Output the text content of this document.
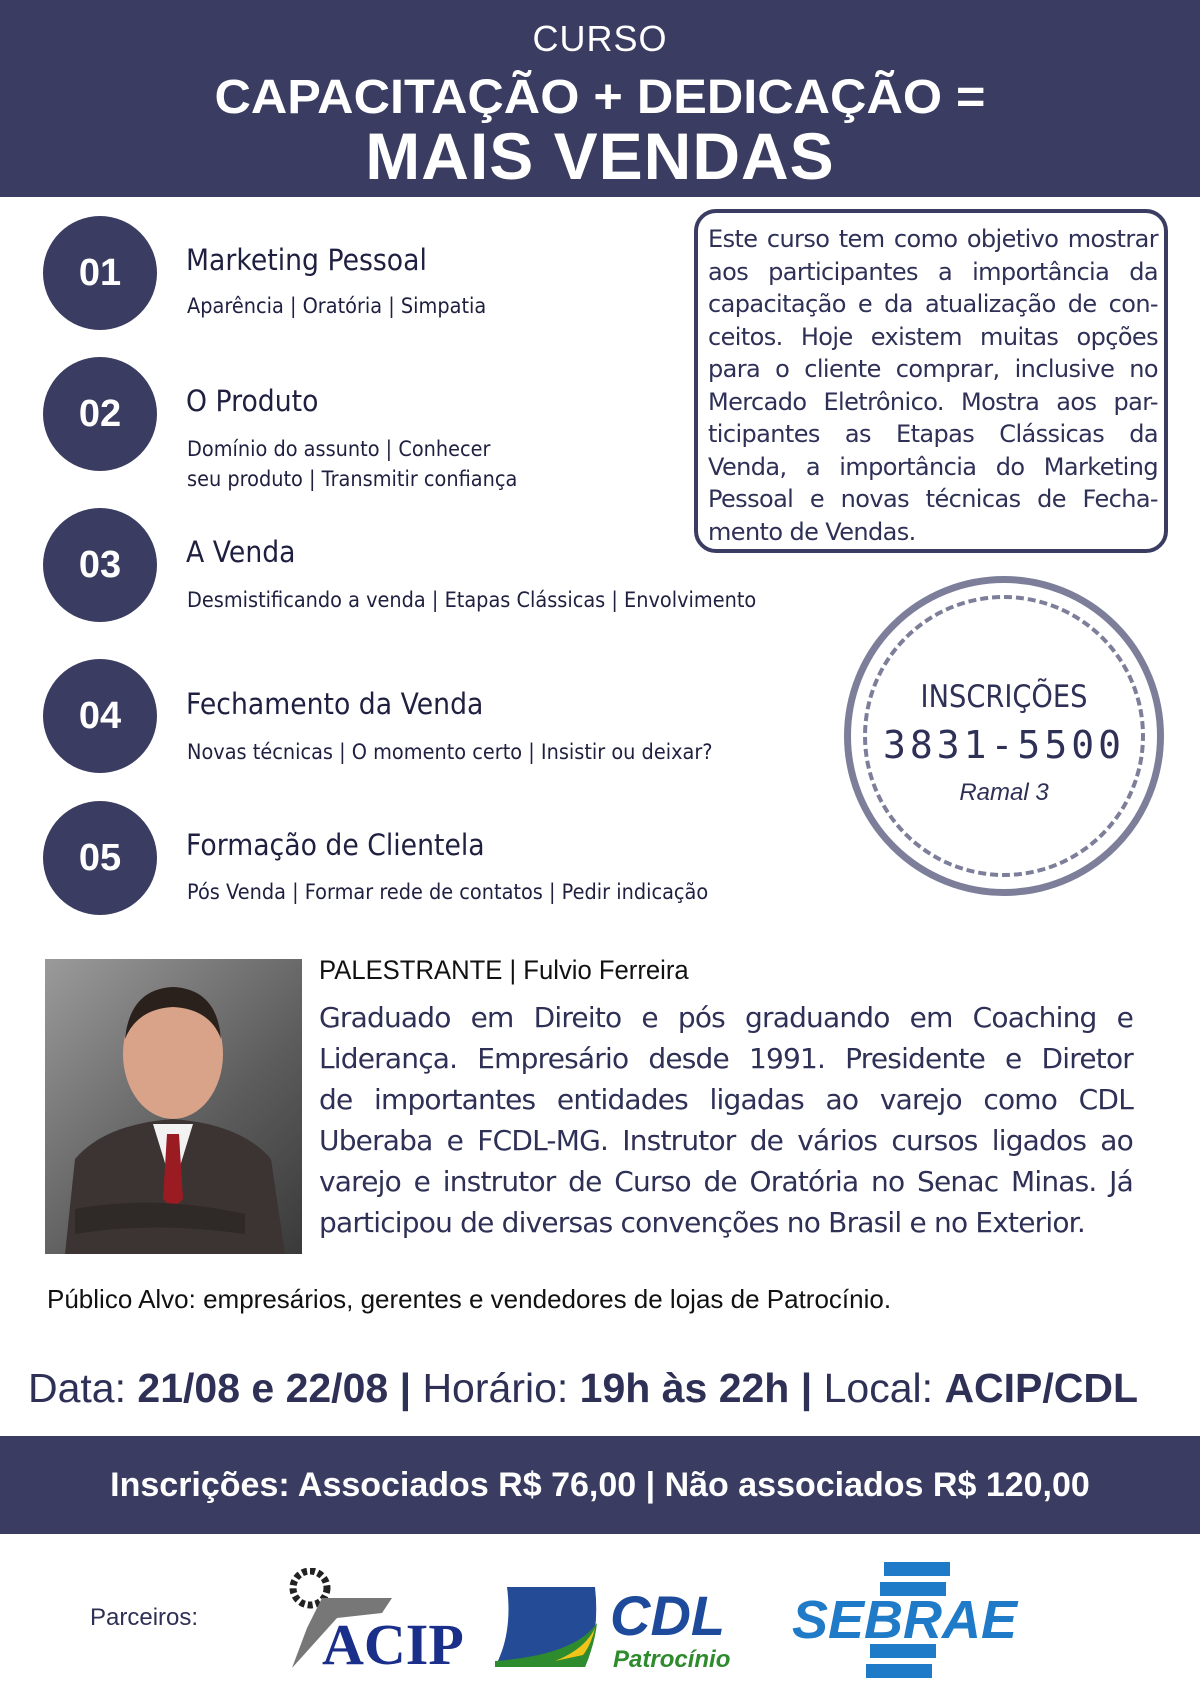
CURSO
CAPACITAÇÃO + DEDICAÇÃO =
MAIS VENDAS
01	Marketing Pessoal
Aparência | Oratória | Simpatia
02	O Produto
Domínio do assunto | Conhecer
seu produto | Transmitir confiança
03	A Venda
Desmistificando a venda | Etapas Clássicas | Envolvimento
04	Fechamento da Venda
Novas técnicas | O momento certo | Insistir ou deixar?
05	Formação de Clientela
Pós Venda | Formar rede de contatos | Pedir indicação
Este curso tem como objetivo mostrar
aos participantes a importância da
capacitação e da atualização de con-
ceitos. Hoje existem muitas opções
para o cliente comprar, inclusive no
Mercado Eletrônico. Mostra aos par-
ticipantes as Etapas Clássicas da
Venda, a importância do Marketing
Pessoal e novas técnicas de Fecha-
mento de Vendas.
INSCRIÇÕES
3831-5500
Ramal 3
PALESTRANTE | Fulvio Ferreira
Graduado em Direito e pós graduando em Coaching e
Liderança. Empresário desde 1991. Presidente e Diretor
de importantes entidades ligadas ao varejo como CDL
Uberaba e FCDL-MG. Instrutor de vários cursos ligados ao
varejo e instrutor de Curso de Oratória no Senac Minas. Já
participou de diversas convenções no Brasil e no Exterior.
Público Alvo: empresários, gerentes e vendedores de lojas de Patrocínio.
Data: 21/08 e 22/08 | Horário: 19h às 22h | Local: ACIP/CDL
Inscrições: Associados R$ 76,00 | Não associados R$ 120,00
Parceiros: ACIP	CDL
Patrocínio
SEBRAE
